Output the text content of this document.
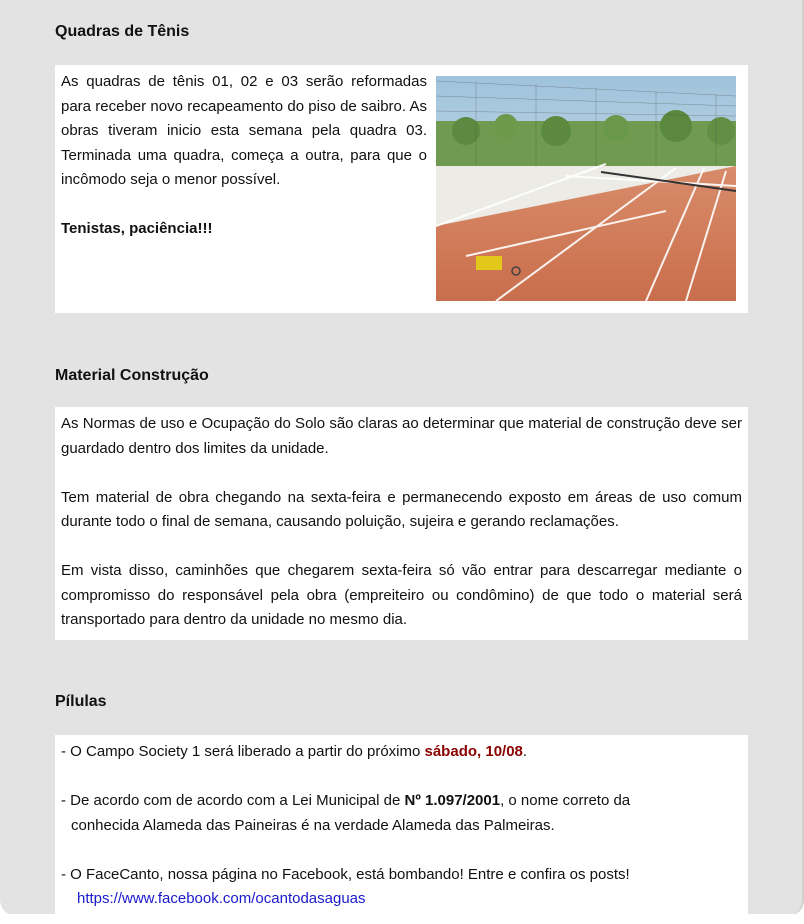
Quadras de Tênis

As quadras de tênis 01, 02 e 03 serão reformadas para receber novo recapeamento do piso de saibro. As obras tiveram inicio esta semana pela quadra 03. Terminada uma quadra, começa a outra, para que o incômodo seja o menor possível.

Tenistas, paciência!!!

Material Construção

As Normas de uso e Ocupação do Solo são claras ao determinar que material de construção deve ser guardado dentro dos limites da unidade.

Tem material de obra chegando na sexta-feira e permanecendo exposto em áreas de uso comum durante todo o final de semana, causando poluição, sujeira e gerando reclamações.

Em vista disso, caminhões que chegarem sexta-feira só vão entrar para descarregar mediante o compromisso do responsável pela obra (empreiteiro ou condômino) de que todo o material será transportado para dentro da unidade no mesmo dia.

Pílulas

- O Campo Society 1 será liberado a partir do próximo sábado, 10/08.

- De acordo com de acordo com a Lei Municipal de Nº 1.097/2001, o nome correto da
conhecida Alameda das Paineiras é na verdade Alameda das Palmeiras.

- O FaceCanto, nossa página no Facebook, está bombando! Entre e confira os posts!
https://www.facebook.com/ocantodasaguas
